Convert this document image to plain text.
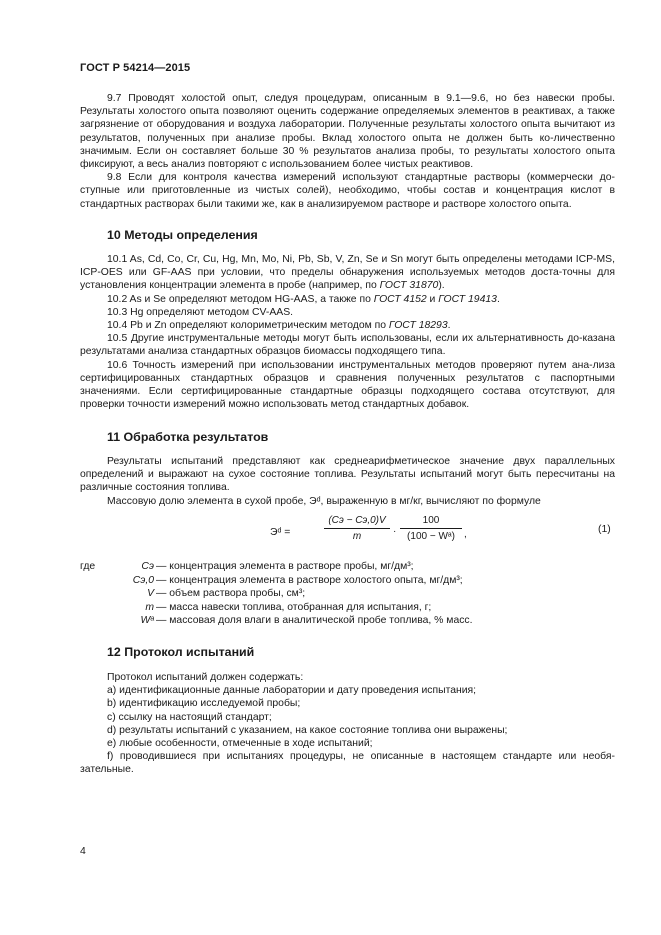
ГОСТ Р 54214—2015

9.7 Проводят холостой опыт, следуя процедурам, описанным в 9.1—9.6, но без навески пробы. Результаты холостого опыта позволяют оценить содержание определяемых элементов в реактивах, а также загрязнение от оборудования и воздуха лаборатории. Полученные результаты холостого опыта вычитают из результатов, полученных при анализе пробы. Вклад холостого опыта не должен быть ко-личественно значимым. Если он составляет больше 30 % результатов анализа пробы, то результаты холостого опыта фиксируют, а весь анализ повторяют с использованием более чистых реактивов.

9.8 Если для контроля качества измерений используют стандартные растворы (коммерчески до-ступные или приготовленные из чистых солей), необходимо, чтобы состав и концентрация кислот в стандартных растворах были такими же, как в анализируемом растворе и растворе холостого опыта.

10 Методы определения

10.1 As, Cd, Co, Cr, Cu, Hg, Mn, Mo, Ni, Pb, Sb, V, Zn, Se и Sn могут быть определены методами ICP-MS, ICP-OES или GF-AAS при условии, что пределы обнаружения используемых методов доста-точны для установления концентрации элемента в пробе (например, по ГОСТ 31870).

10.2 As и Se определяют методом HG-AAS, а также по ГОСТ 4152 и ГОСТ 19413.

10.3 Hg определяют методом CV-AAS.

10.4 Pb и Zn определяют колориметрическим методом по ГОСТ 18293.

10.5 Другие инструментальные методы могут быть использованы, если их альтернативность до-казана результатами анализа стандартных образцов биомассы подходящего типа.

10.6 Точность измерений при использовании инструментальных методов проверяют путем ана-лиза сертифицированных стандартных образцов и сравнения полученных результатов с паспортными значениями. Если сертифицированные стандартные образцы подходящего состава отсутствуют, для проверки точности измерений можно использовать метод стандартных добавок.

11 Обработка результатов

Результаты испытаний представляют как среднеарифметическое значение двух параллельных определений и выражают на сухое состояние топлива. Результаты испытаний могут быть пересчитаны на различные состояния топлива.

Массовую долю элемента в сухой пробе, Эᵈ, выраженную в мг/кг, вычисляют по формуле

Эᵈ =
(Cэ − Cэ,0)V
m	·
100
(100 − Wᵃ) ,	(1)
где	Cэ — концентрация элемента в растворе пробы, мг/дм³;
Cэ,0 — концентрация элемента в растворе холостого опыта, мг/дм³;
V — объем раствора пробы, см³;
m — масса навески топлива, отобранная для испытания, г;
Wᵃ — массовая доля влаги в аналитической пробе топлива, % масс.
12 Протокол испытаний

Протокол испытаний должен содержать:

а) идентификационные данные лаборатории и дату проведения испытания;

b) идентификацию исследуемой пробы;

c) ссылку на настоящий стандарт;

d) результаты испытаний с указанием, на какое состояние топлива они выражены;

e) любые особенности, отмеченные в ходе испытаний;

f) проводившиеся при испытаниях процедуры, не описанные в настоящем стандарте или необя-зательные.

4
